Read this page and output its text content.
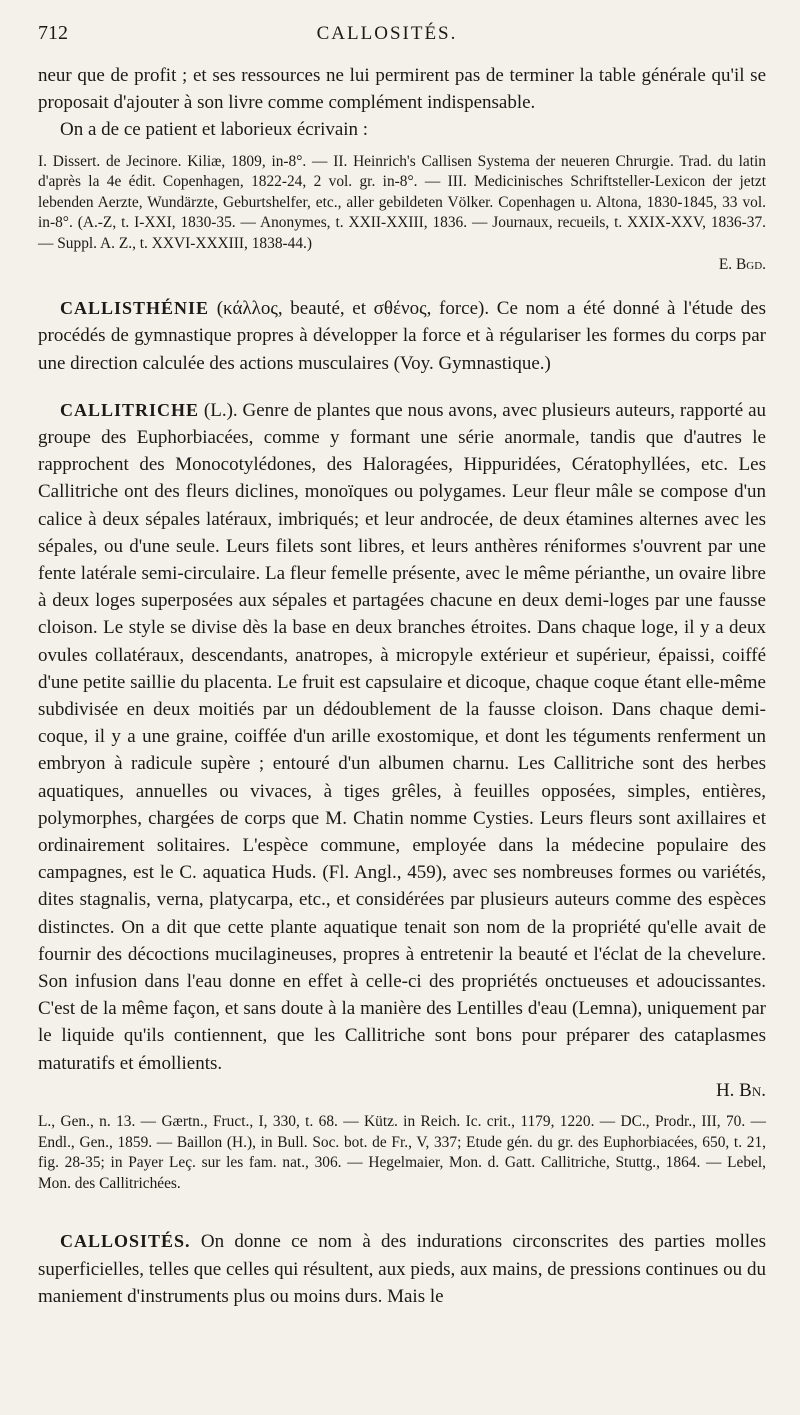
712	CALLOSITÉS.

neur que de profit ; et ses ressources ne lui permirent pas de terminer la table générale qu'il se proposait d'ajouter à son livre comme complément indispensable.

On a de ce patient et laborieux écrivain :

I. Dissert. de Jecinore. Kiliæ, 1809, in-8°. — II. Heinrich's Callisen Systema der neueren Chrurgie. Trad. du latin d'après la 4e édit. Copenhagen, 1822-24, 2 vol. gr. in-8°. — III. Medicinisches Schriftsteller-Lexicon der jetzt lebenden Aerzte, Wundärzte, Geburtshelfer, etc., aller gebildeten Völker. Copenhagen u. Altona, 1830-1845, 33 vol. in-8°. (A.-Z, t. I-XXI, 1830-35. — Anonymes, t. XXII-XXIII, 1836. — Journaux, recueils, t. XXIX-XXV, 1836-37. — Suppl. A. Z., t. XXVI-XXXIII, 1838-44.)

E. Bgd.

CALLISTHÉNIE (κάλλος, beauté, et σθένος, force). Ce nom a été donné à l'étude des procédés de gymnastique propres à développer la force et à régulariser les formes du corps par une direction calculée des actions musculaires (Voy. Gymnastique.)

CALLITRICHE (L.). Genre de plantes que nous avons, avec plusieurs auteurs, rapporté au groupe des Euphorbiacées, comme y formant une série anormale, tandis que d'autres le rapprochent des Monocotylédones, des Haloragées, Hippuridées, Cératophyllées, etc. Les Callitriche ont des fleurs diclines, monoïques ou polygames. Leur fleur mâle se compose d'un calice à deux sépales latéraux, imbriqués; et leur androcée, de deux étamines alternes avec les sépales, ou d'une seule. Leurs filets sont libres, et leurs anthères réniformes s'ouvrent par une fente latérale semi-circulaire. La fleur femelle présente, avec le même périanthe, un ovaire libre à deux loges superposées aux sépales et partagées chacune en deux demi-loges par une fausse cloison. Le style se divise dès la base en deux branches étroites. Dans chaque loge, il y a deux ovules collatéraux, descendants, anatropes, à micropyle extérieur et supérieur, épaissi, coiffé d'une petite saillie du placenta. Le fruit est capsulaire et dicoque, chaque coque étant elle-même subdivisée en deux moitiés par un dédoublement de la fausse cloison. Dans chaque demi-coque, il y a une graine, coiffée d'un arille exostomique, et dont les téguments renferment un embryon à radicule supère ; entouré d'un albumen charnu. Les Callitriche sont des herbes aquatiques, annuelles ou vivaces, à tiges grêles, à feuilles opposées, simples, entières, polymorphes, chargées de corps que M. Chatin nomme Cysties. Leurs fleurs sont axillaires et ordinairement solitaires. L'espèce commune, employée dans la médecine populaire des campagnes, est le C. aquatica Huds. (Fl. Angl., 459), avec ses nombreuses formes ou variétés, dites stagnalis, verna, platycarpa, etc., et considérées par plusieurs auteurs comme des espèces distinctes. On a dit que cette plante aquatique tenait son nom de la propriété qu'elle avait de fournir des décoctions mucilagineuses, propres à entretenir la beauté et l'éclat de la chevelure. Son infusion dans l'eau donne en effet à celle-ci des propriétés onctueuses et adoucissantes. C'est de la même façon, et sans doute à la manière des Lentilles d'eau (Lemna), uniquement par le liquide qu'ils contiennent, que les Callitriche sont bons pour préparer des cataplasmes maturatifs et émollients.

H. Bn.

L., Gen., n. 13. — Gærtn., Fruct., I, 330, t. 68. — Kütz. in Reich. Ic. crit., 1179, 1220. — DC., Prodr., III, 70. — Endl., Gen., 1859. — Baillon (H.), in Bull. Soc. bot. de Fr., V, 337; Etude gén. du gr. des Euphorbiacées, 650, t. 21, fig. 28-35; in Payer Leç. sur les fam. nat., 306. — Hegelmaier, Mon. d. Gatt. Callitriche, Stuttg., 1864. — Lebel, Mon. des Callitrichées.

CALLOSITÉS. On donne ce nom à des indurations circonscrites des parties molles superficielles, telles que celles qui résultent, aux pieds, aux mains, de pressions continues ou du maniement d'instruments plus ou moins durs. Mais le
